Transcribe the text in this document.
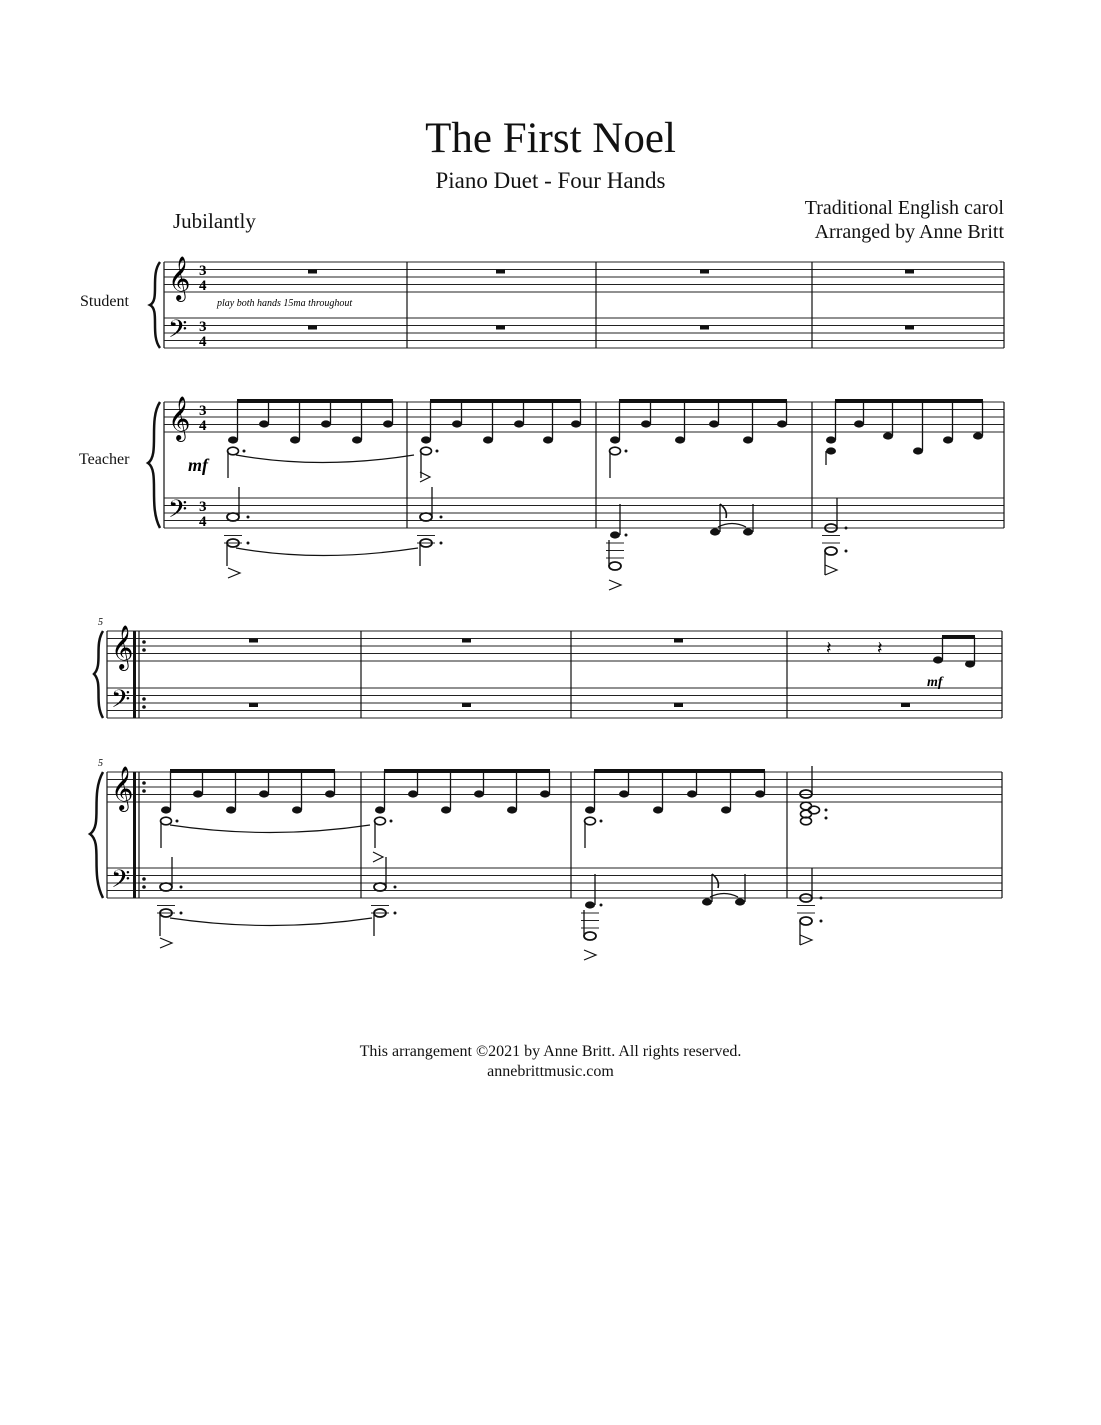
The First Noel
Piano Duet - Four Hands
Jubilantly
Traditional English carol
Arranged by Anne Britt
Student
Teacher
𝄞
𝄢
𝄞
𝄢
3
4
3
4
3
4
3
4
play both hands 15ma throughout
mf
5
5
𝄞
𝄢
𝄞
𝄢
𝄽	𝄽
mf
This arrangement ©2021 by Anne Britt. All rights reserved.
annebrittmusic.com
